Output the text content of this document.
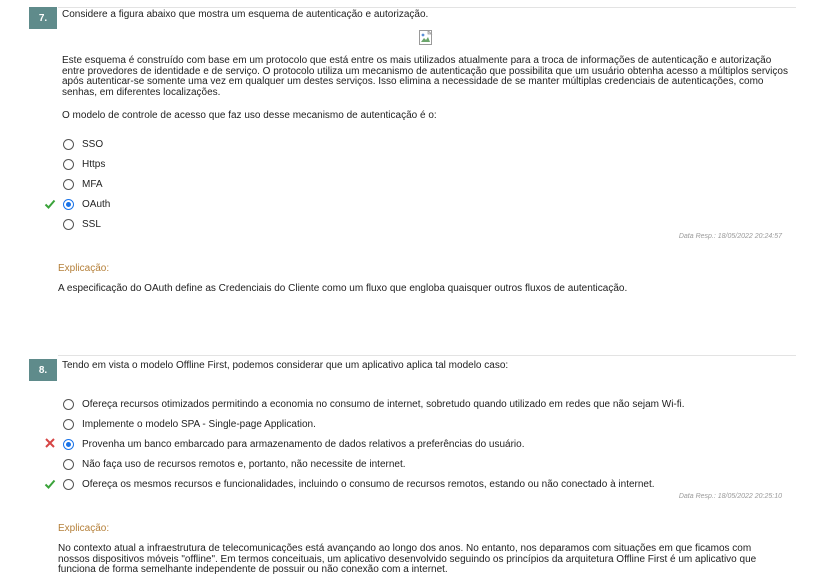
7. Considere a figura abaixo que mostra um esquema de autenticação e autorização.
Este esquema é construído com base em um protocolo que está entre os mais utilizados atualmente para a troca de informações de autenticação e autorização
entre provedores de identidade e de serviço. O protocolo utiliza um mecanismo de autenticação que possibilita que um usuário obtenha acesso a múltiplos serviços
após autenticar-se somente uma vez em qualquer um destes serviços. Isso elimina a necessidade de se manter múltiplas credenciais de autenticações, como
senhas, em diferentes localizações.
O modelo de controle de acesso que faz uso desse mecanismo de autenticação é o:
SSO
Https
MFA
OAuth
SSL
Data Resp.: 18/05/2022 20:24:57
Explicação:
A especificação do OAuth define as Credenciais do Cliente como um fluxo que engloba quaisquer outros fluxos de autenticação.
8. Tendo em vista o modelo Offline First, podemos considerar que um aplicativo aplica tal modelo caso:
Ofereça recursos otimizados permitindo a economia no consumo de internet, sobretudo quando utilizado em redes que não sejam Wi-fi.
Implemente o modelo SPA - Single-page Application.
Provenha um banco embarcado para armazenamento de dados relativos a preferências do usuário.
Não faça uso de recursos remotos e, portanto, não necessite de internet.
Ofereça os mesmos recursos e funcionalidades, incluindo o consumo de recursos remotos, estando ou não conectado à internet.
Data Resp.: 18/05/2022 20:25:10
Explicação:
No contexto atual a infraestrutura de telecomunicações está avançando ao longo dos anos. No entanto, nos deparamos com situações em que ficamos com
nossos dispositivos móveis "offline". Em termos conceituais, um aplicativo desenvolvido seguindo os princípios da arquitetura Offline First é um aplicativo que
funciona de forma semelhante independente de possuir ou não conexão com a internet.
